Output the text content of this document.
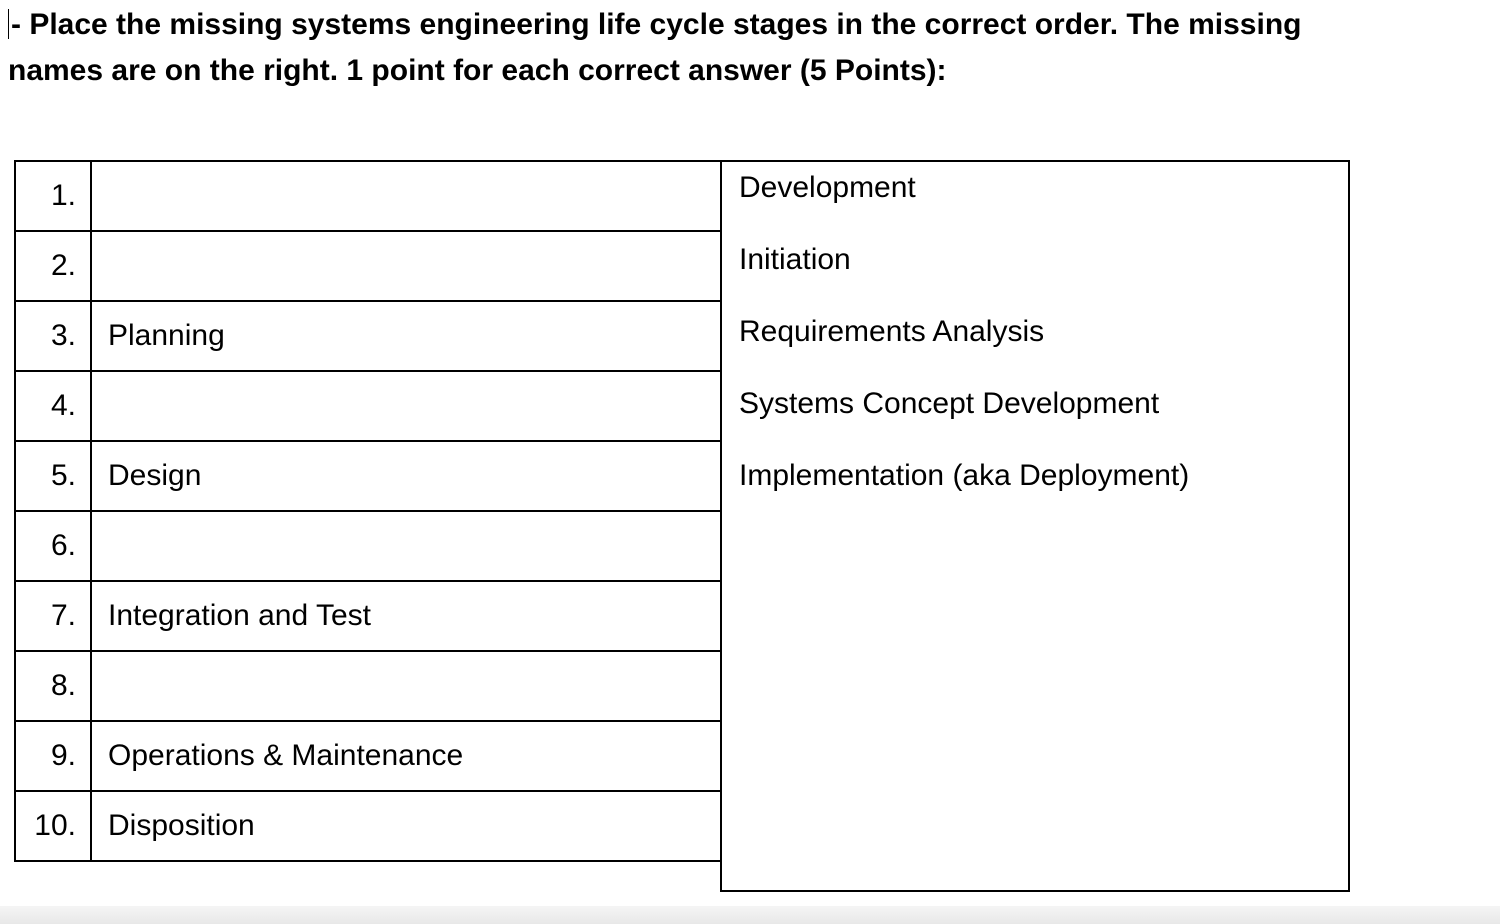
- Place the missing systems engineering life cycle stages in the correct order. The missing
names are on the right. 1 point for each correct answer (5 Points):
1.	
2.	
3.	Planning
4.	
5.	Design
6.	
7.	Integration and Test
8.	
9.	Operations & Maintenance
10.	Disposition
Development
Initiation
Requirements Analysis
Systems Concept Development
Implementation (aka Deployment)
